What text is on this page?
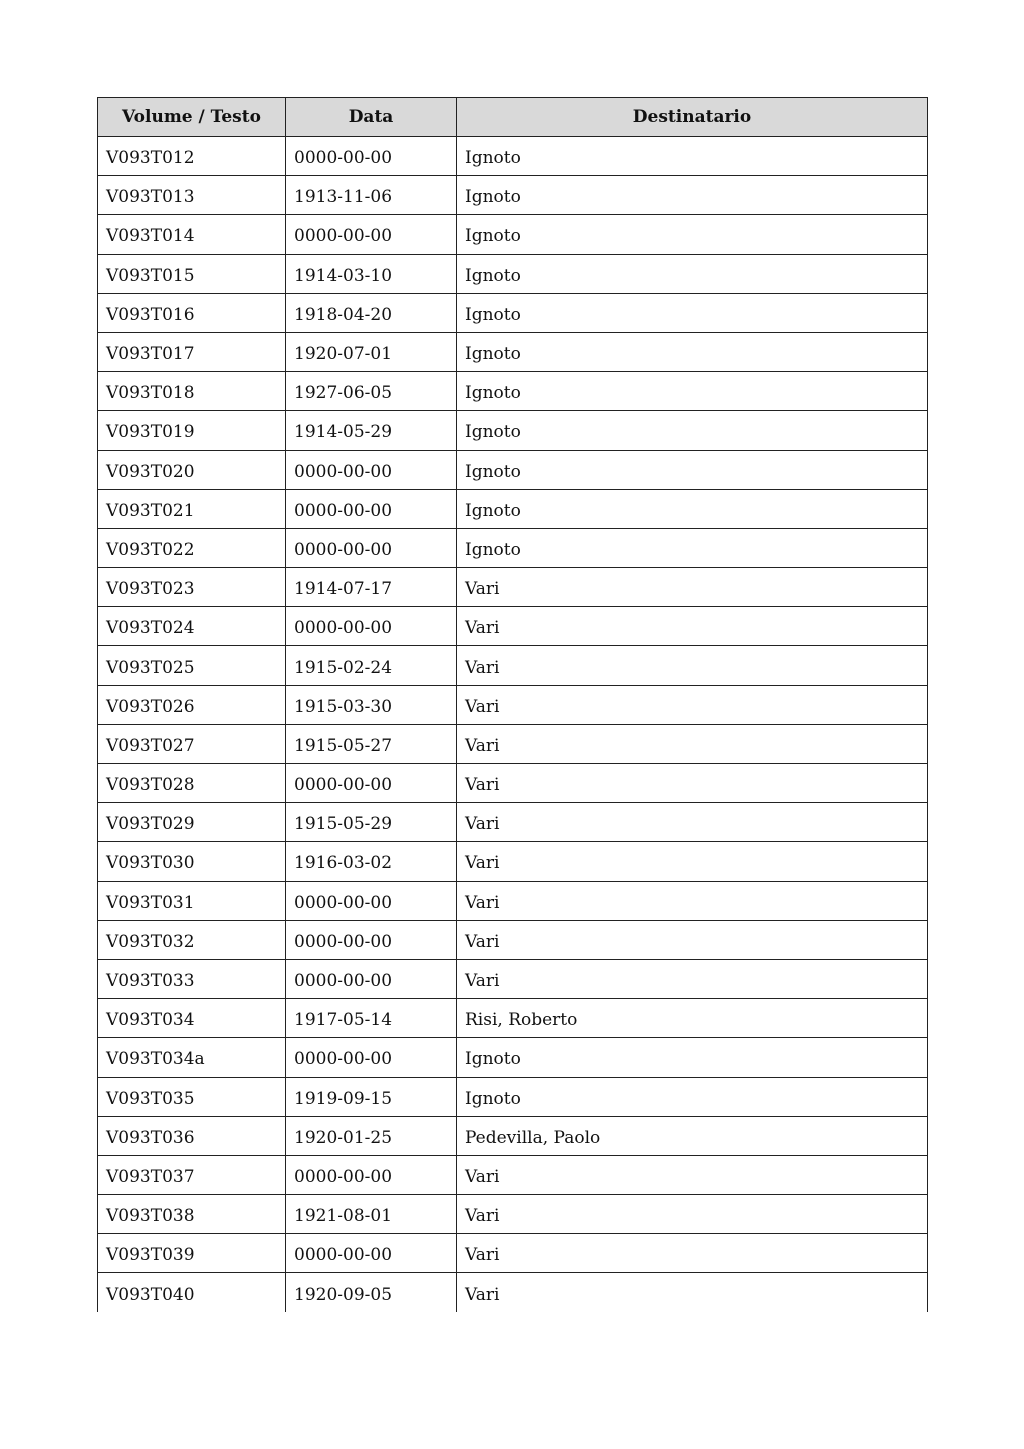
Volume / Testo	Data	Destinatario
V093T012	0000-00-00	Ignoto
V093T013	1913-11-06	Ignoto
V093T014	0000-00-00	Ignoto
V093T015	1914-03-10	Ignoto
V093T016	1918-04-20	Ignoto
V093T017	1920-07-01	Ignoto
V093T018	1927-06-05	Ignoto
V093T019	1914-05-29	Ignoto
V093T020	0000-00-00	Ignoto
V093T021	0000-00-00	Ignoto
V093T022	0000-00-00	Ignoto
V093T023	1914-07-17	Vari
V093T024	0000-00-00	Vari
V093T025	1915-02-24	Vari
V093T026	1915-03-30	Vari
V093T027	1915-05-27	Vari
V093T028	0000-00-00	Vari
V093T029	1915-05-29	Vari
V093T030	1916-03-02	Vari
V093T031	0000-00-00	Vari
V093T032	0000-00-00	Vari
V093T033	0000-00-00	Vari
V093T034	1917-05-14	Risi, Roberto
V093T034a	0000-00-00	Ignoto
V093T035	1919-09-15	Ignoto
V093T036	1920-01-25	Pedevilla, Paolo
V093T037	0000-00-00	Vari
V093T038	1921-08-01	Vari
V093T039	0000-00-00	Vari
V093T040	1920-09-05	Vari
